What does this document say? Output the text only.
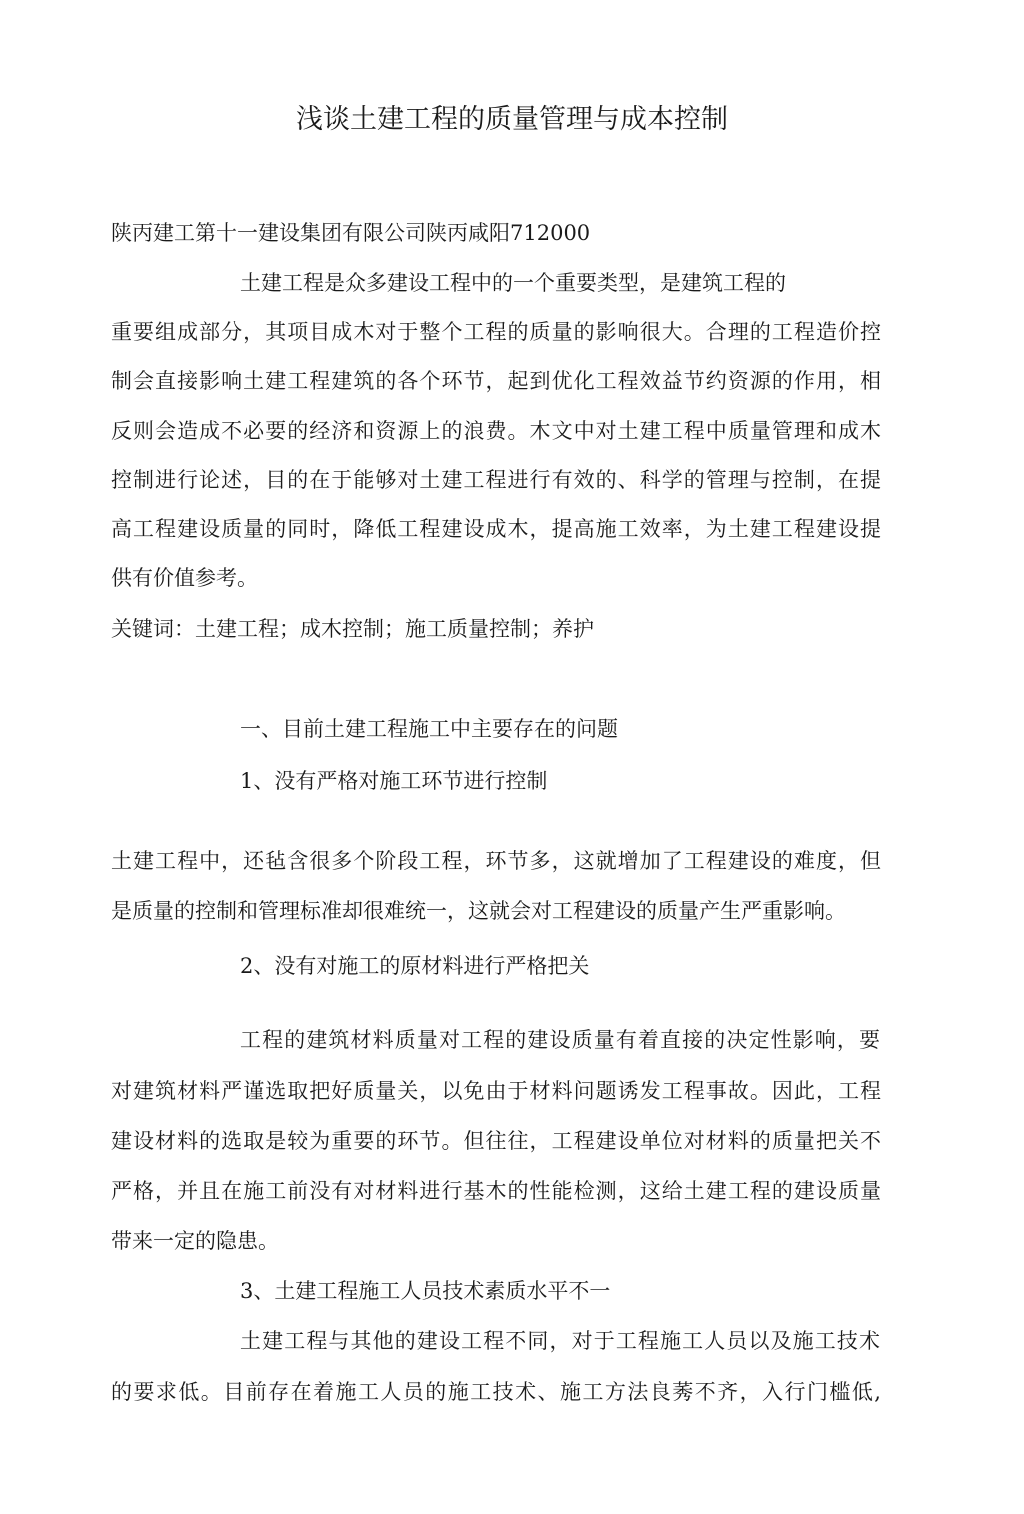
浅谈土建工程的质量管理与成本控制
陕丙建工第十一建设集团有限公司陕丙咸阳712000
土建工程是众多建设工程中的一个重要类型，是建筑工程的
重要组成部分，其项目成木对于整个工程的质量的影响很大。合理的工程造价控
制会直接影响土建工程建筑的各个环节，起到优化工程效益节约资源的作用，相
反则会造成不必要的经济和资源上的浪费。木文中对土建工程中质量管理和成木
控制进行论述，目的在于能够对土建工程进行有效的、科学的管理与控制，在提
高工程建设质量的同时，降低工程建设成木，提高施工效率，为土建工程建设提
供有价值参考。
关键词：土建工程；成木控制；施工质量控制；养护
一、目前土建工程施工中主要存在的问题
1、没有严格对施工环节进行控制
土建工程中，还毡含很多个阶段工程，环节多，这就增加了工程建设的难度，但
是质量的控制和管理标准却很难统一，这就会对工程建设的质量产生严重影响。
2、没有对施工的原材料进行严格把关
工程的建筑材料质量对工程的建设质量有着直接的决定性影响，要
对建筑材料严谨选取把好质量关，以免由于材料问题诱发工程事故。因此，工程
建设材料的选取是较为重要的环节。但往往，工程建设单位对材料的质量把关不
严格，并且在施工前没有对材料进行基木的性能检测，这给土建工程的建设质量
带来一定的隐患。
3、土建工程施工人员技术素质水平不一
土建工程与其他的建设工程不同，对于工程施工人员以及施工技术
的要求低。目前存在着施工人员的施工技术、施工方法良莠不齐，入行门槛低,
